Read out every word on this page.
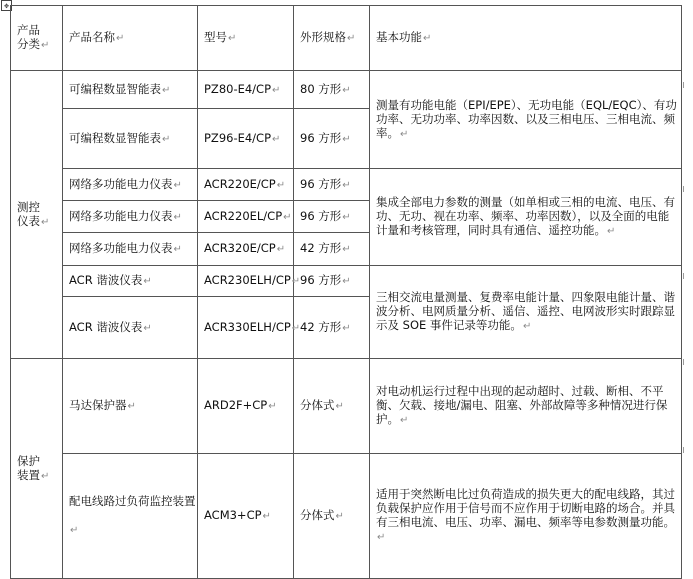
✥
产品
分类↵	产品名称↵	型号↵	外形规格↵	基本功能↵
测控
仪表↵	可编程数显智能表↵	PZ80-E4/CP↵	80 方形↵	测量有功能电能（EPI/EPE）、无功电能（EQL/EQC）、有功功率、无功功率、功率因数、以及三相电压、三相电流、频率。↵
	可编程数显智能表↵	PZ96-E4/CP↵	96 方形↵	
	网络多功能电力仪表↵	ACR220E/CP↵	96 方形↵	集成全部电力参数的测量（如单相或三相的电流、电压、有功、无功、视在功率、频率、功率因数），以及全面的电能计量和考核管理，同时具有通信、遥控功能。↵
	网络多功能电力仪表↵	ACR220EL/CP↵	96 方形↵	
	网络多功能电力仪表↵	ACR320E/CP↵	42 方形↵	
	ACR 谐波仪表↵	ACR230ELH/CP↵	96 方形↵	三相交流电量测量、复费率电能计量、四象限电能计量、谐波分析、电网质量分析、遥信、遥控、电网波形实时跟踪显示及 SOE 事件记录等功能。↵
	ACR 谐波仪表↵	ACR330ELH/CP↵	42 方形↵	
保护
装置↵	马达保护器↵	ARD2F+CP↵	分体式↵	对电动机运行过程中出现的起动超时、过载、断相、不平衡、欠载、接地/漏电、阻塞、外部故障等多种情况进行保护。↵
	配电线路过负荷监控装置↵	ACM3+CP↵	分体式↵	适用于突然断电比过负荷造成的损失更大的配电线路，其过负载保护应作用于信号而不应作用于切断电路的场合。并具有三相电流、电压、功率、漏电、频率等电参数测量功能。↵
